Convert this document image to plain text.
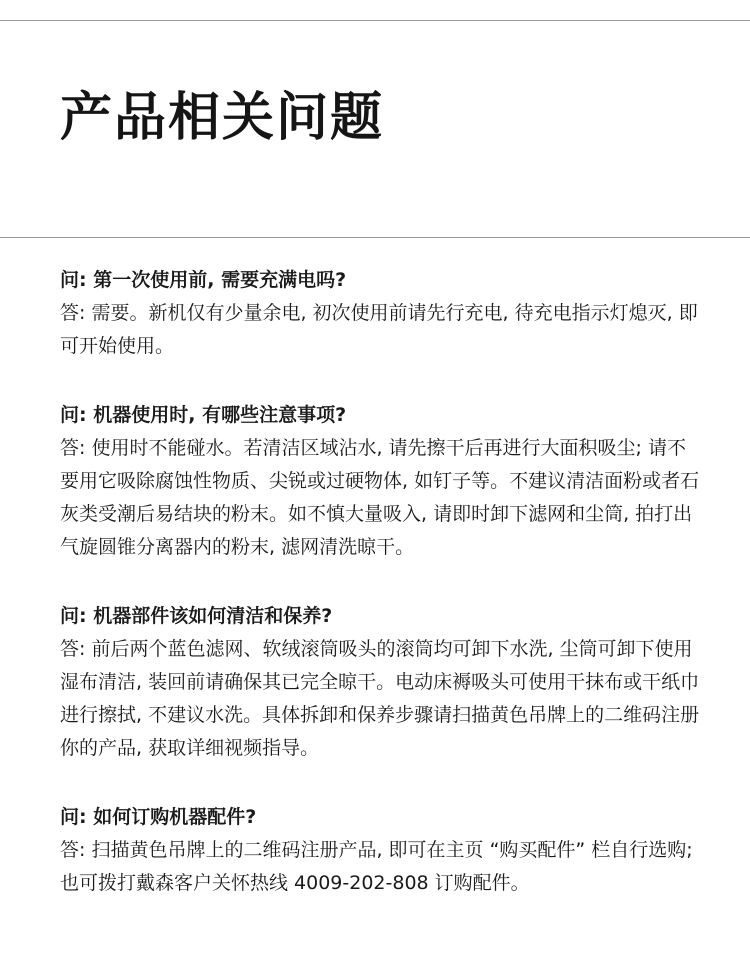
产品相关问题

问: 第一次使用前, 需要充满电吗?

答: 需要。新机仅有少量余电, 初次使用前请先行充电, 待充电指示灯熄灭, 即可开始使用。

问: 机器使用时, 有哪些注意事项?

答: 使用时不能碰水。若清洁区域沾水, 请先擦干后再进行大面积吸尘; 请不要用它吸除腐蚀性物质、尖锐或过硬物体, 如钉子等。不建议清洁面粉或者石灰类受潮后易结块的粉末。如不慎大量吸入, 请即时卸下滤网和尘筒, 拍打出气旋圆锥分离器内的粉末, 滤网清洗晾干。

问: 机器部件该如何清洁和保养?

答: 前后两个蓝色滤网、软绒滚筒吸头的滚筒均可卸下水洗, 尘筒可卸下使用湿布清洁, 装回前请确保其已完全晾干。电动床褥吸头可使用干抹布或干纸巾进行擦拭, 不建议水洗。具体拆卸和保养步骤请扫描黄色吊牌上的二维码注册你的产品, 获取详细视频指导。

问: 如何订购机器配件?

答: 扫描黄色吊牌上的二维码注册产品, 即可在主页 “购买配件” 栏自行选购; 也可拨打戴森客户关怀热线 4009-202-808 订购配件。
